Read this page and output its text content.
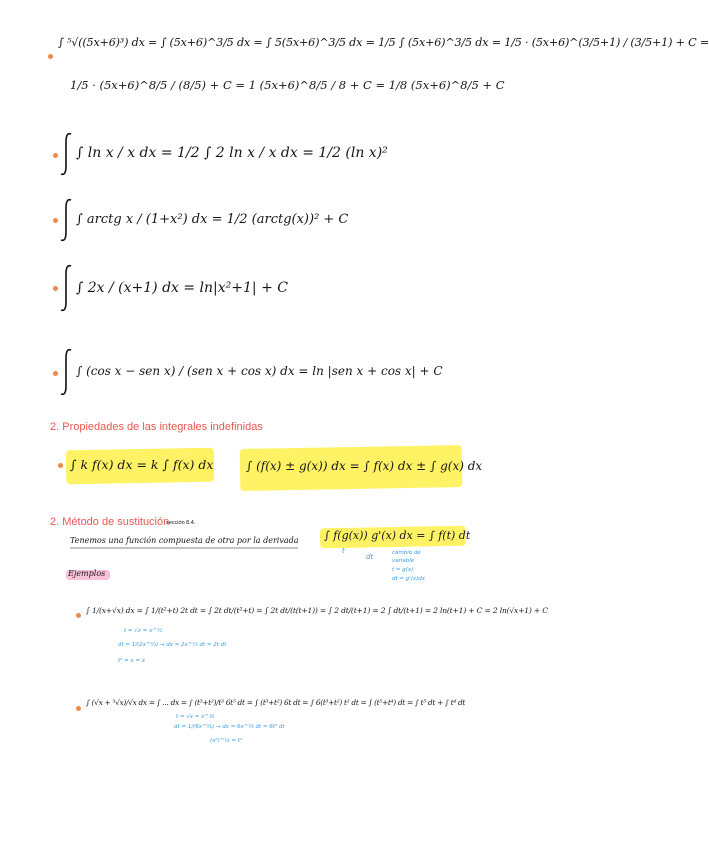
∫ ⁵√((5x+6)³) dx = ∫ (5x+6)^3/5 dx = ∫ 5(5x+6)^3/5 dx = 1/5 ∫ (5x+6)^3/5 dx = 1/5 · (5x+6)^(3/5+1) / (3/5+1) + C =
1/5 · (5x+6)^8/5 / (8/5) + C = 1 (5x+6)^8/5 / 8 + C = 1/8 (5x+6)^8/5 + C
∫ ln x / x dx = 1/2 ∫ 2 ln x / x dx = 1/2 (ln x)²
∫ arctg x / (1+x²) dx = 1/2 (arctg(x))² + C
∫ 2x / (x+1) dx = ln|x²+1| + C
∫ (cos x − sen x) / (sen x + cos x) dx = ln |sen x + cos x| + C
2. Propiedades de las integrales indefinidas
∫ k f(x) dx = k ∫ f(x) dx	∫ (f(x) ± g(x)) dx = ∫ f(x) dx ± ∫ g(x) dx
2. Método de sustitución
sección 8.4.
Tenemos una función compuesta de otra por la derivada ∫ f(g(x)) g'(x) dx = ∫ f(t) dt
t
dt	cambio de
variable
t = g(x)
dt = g'(x)dx
Ejemplos
∫ 1/(x+√x) dx = ∫ 1/(t²+t) 2t dt = ∫ 2t dt/(t²+t) = ∫ 2t dt/(t(t+1)) = ∫ 2 dt/(t+1) = 2 ∫ dt/(t+1) = 2 ln(t+1) + C = 2 ln(√x+1) + C
t = √x = x^½
dt = 1/(2x^½) → dx = 2x^½ dt = 2t dt
t² = x = x
∫ (√x + ³√x)/√x dx = ∫ ... dx = ∫ (t³+t²)/t³ 6t⁵ dt = ∫ (t³+t²) 6t dt = ∫ 6(t³+t²) t² dt = ∫ (t⁵+t⁴) dt = ∫ t⁵ dt + ∫ t⁴ dt
t = √x = x^⅙
dt = 1/(6x^⅚) → dx = 6x^⅚ dt = 6t⁵ dt
(x⁶)^⅙ = t²
